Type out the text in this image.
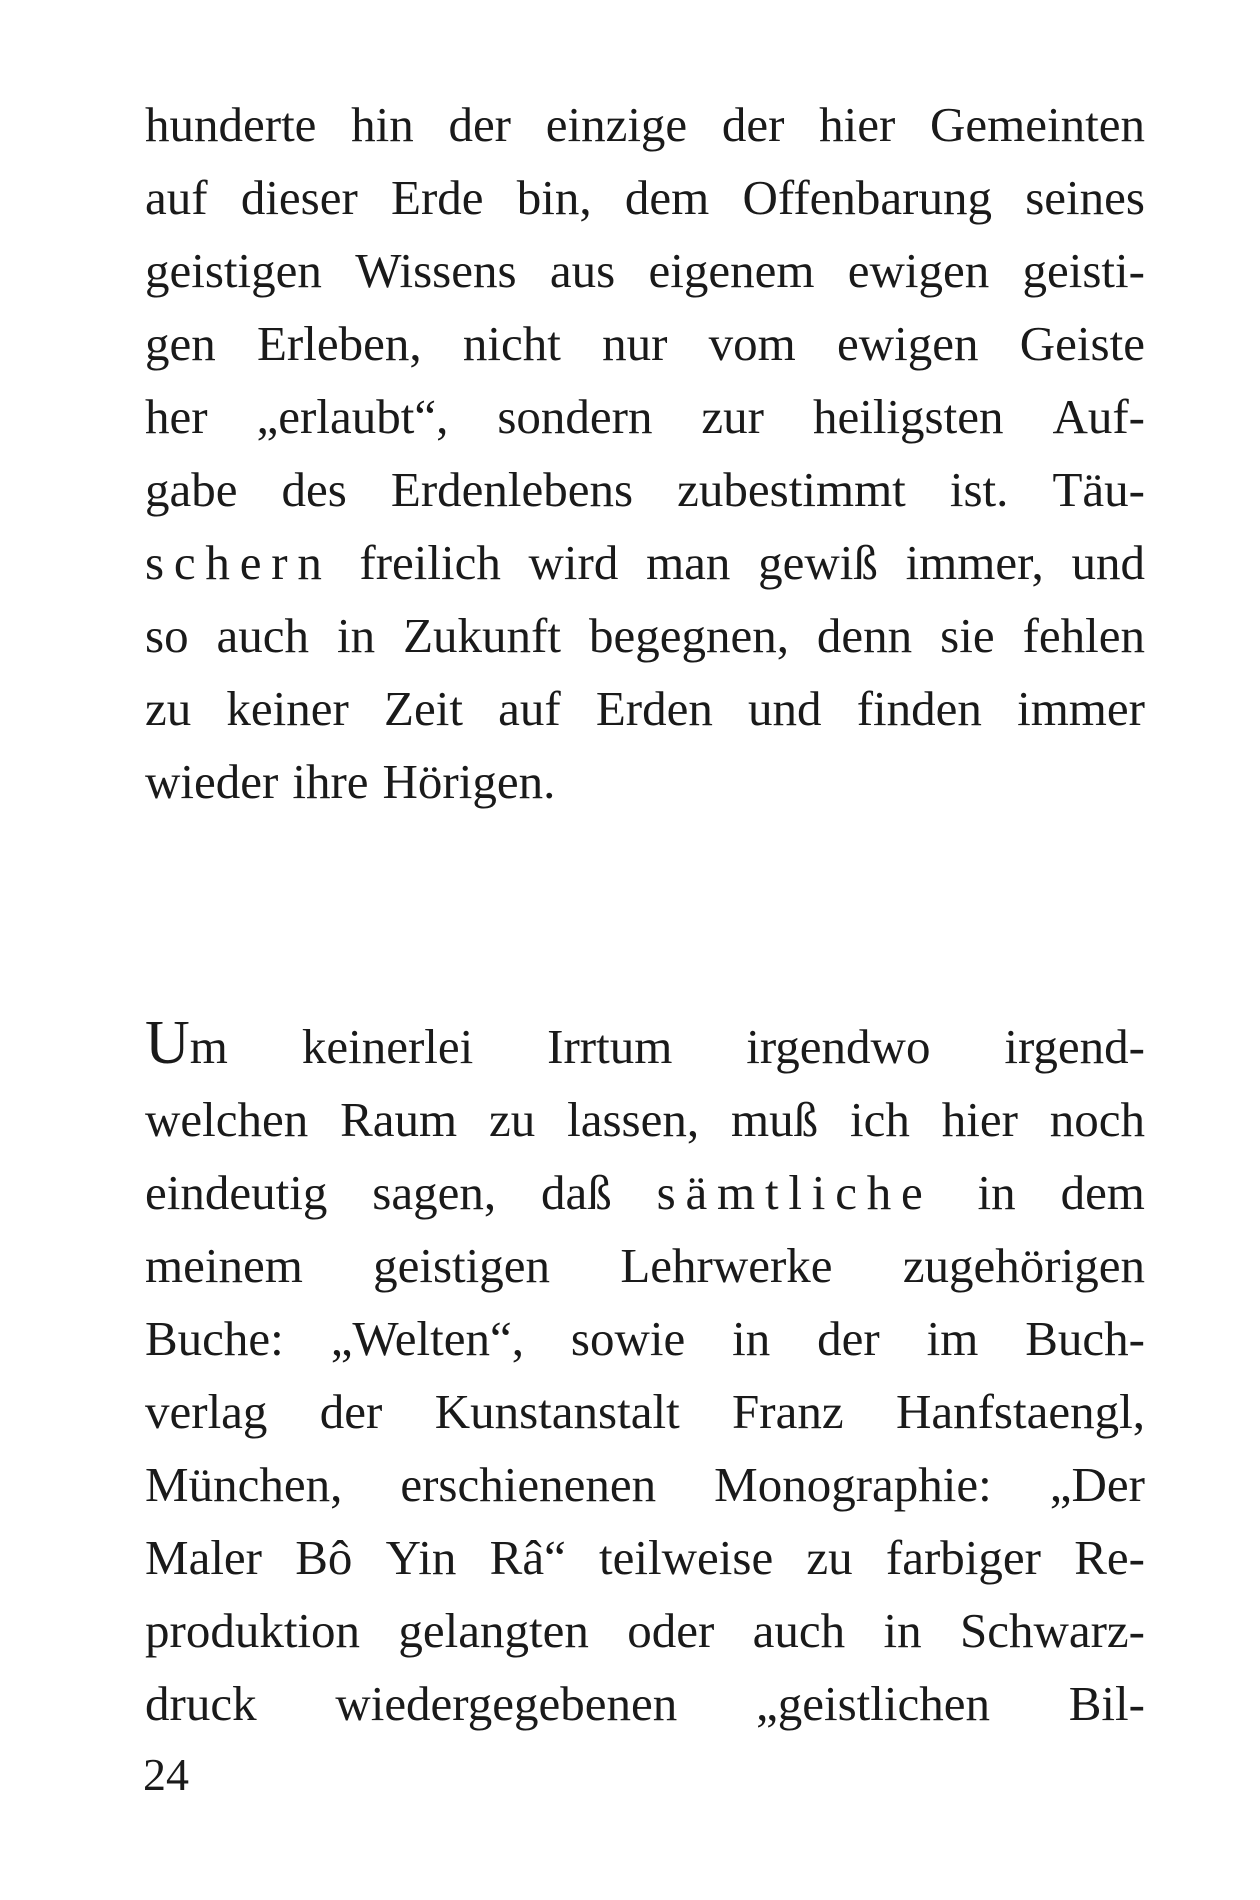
hunderte hin der einzige der hier Gemeinten
auf dieser Erde bin, dem Offenbarung seines
geistigen Wissens aus eigenem ewigen geisti-
gen Erleben, nicht nur vom ewigen Geiste
her „erlaubt“, sondern zur heiligsten Auf-
gabe des Erdenlebens zubestimmt ist. Täu-
schern freilich wird man gewiß immer, und
so auch in Zukunft begegnen, denn sie fehlen
zu keiner Zeit auf Erden und finden immer
wieder ihre Hörigen.
U m keinerlei Irrtum irgendwo irgend-
welchen Raum zu lassen, muß ich hier noch
eindeutig sagen, daß sämtliche in dem
meinem geistigen Lehrwerke zugehörigen
Buche: „Welten“, sowie in der im Buch-
verlag der Kunstanstalt Franz Hanfstaengl,
München, erschienenen Monographie: „Der
Maler Bô Yin Râ“ teilweise zu farbiger Re-
produktion gelangten oder auch in Schwarz-
druck wiedergegebenen „geistlichen Bil-
24
